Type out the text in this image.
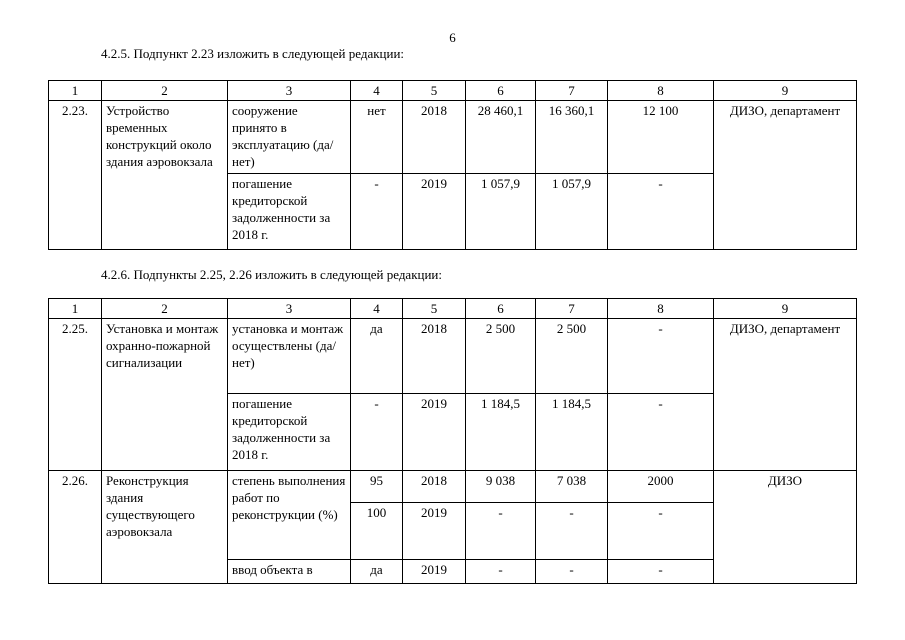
6
4.2.5. Подпункт 2.23 изложить в следующей редакции:
1	2	3	4	5	6	7	8	9
2.23.	Устройство временных конструкций около здания аэровокзала	сооружение принято в эксплуатацию (да/нет)	нет	2018	28 460,1	16 360,1	12 100	ДИЗО, департамент
		погашение кредиторской задолженности за 2018 г.	-	2019	1 057,9	1 057,9	-	
4.2.6. Подпункты 2.25, 2.26 изложить в следующей редакции:
1	2	3	4	5	6	7	8	9
2.25.	Установка и монтаж охранно-пожарной сигнализации	установка и монтаж осуществлены (да/нет)	да	2018	2 500	2 500	-	ДИЗО, департамент
		погашение кредиторской задолженности за 2018 г.	-	2019	1 184,5	1 184,5	-	
2.26.	Реконструкция здания существующего аэровокзала	степень выполнения работ по реконструкции (%)	95	2018	9 038	7 038	2000	ДИЗО
			100	2019	-	-	-	
		ввод объекта в	да	2019	-	-	-	
